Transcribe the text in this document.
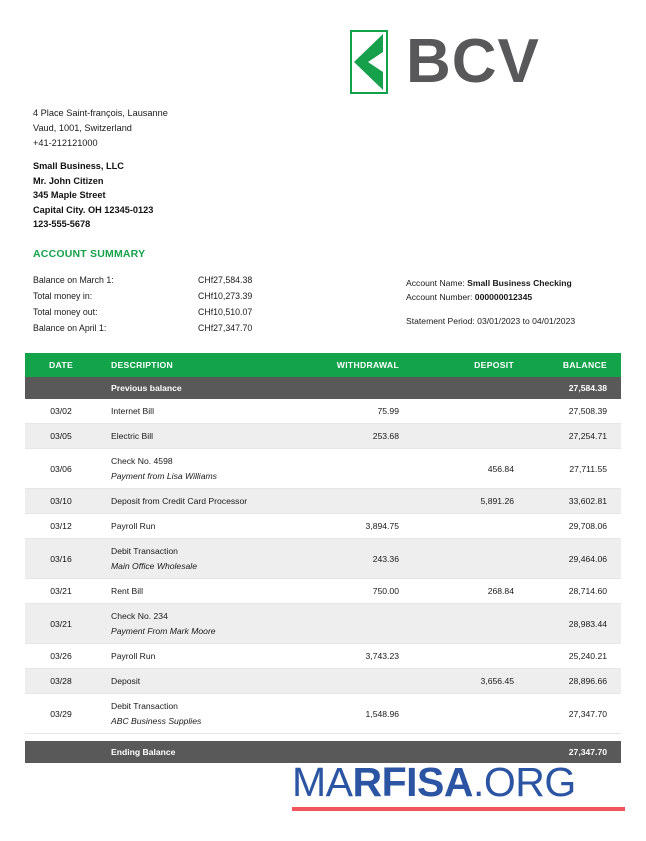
BCV
4 Place Saint-françois, Lausanne
Vaud, 1001, Switzerland
+41-212121000
Small Business, LLC
Mr. John Citizen
345 Maple Street
Capital City. OH 12345-0123
123-555-5678
ACCOUNT SUMMARY
Balance on March 1:	CHf27,584.38
Total money in:	CHf10,273.39
Total money out:	CHf10,510.07
Balance on April 1:	CHf27,347.70
Account Name: Small Business Checking
Account Number: 000000012345
Statement Period: 03/01/2023 to 04/01/2023
DATE	DESCRIPTION	WITHDRAWAL	DEPOSIT	BALANCE
	Previous balance			27,584.38
03/02	Internet Bill	75.99		27,508.39
03/05	Electric Bill	253.68		27,254.71
03/06	Check No. 4598
Payment from Lisa Williams		456.84	27,711.55
03/10	Deposit from Credit Card Processor		5,891.26	33,602.81
03/12	Payroll Run	3,894.75		29,708.06
03/16	Debit Transaction
Main Office Wholesale	243.36		29,464.06
03/21	Rent Bill	750.00	268.84	28,714.60
03/21	Check No. 234
Payment From Mark Moore			28,983.44
03/26	Payroll Run	3,743.23		25,240.21
03/28	Deposit		3,656.45	28,896.66
03/29	Debit Transaction
ABC Business Supplies	1,548.96		27,347.70

	Ending Balance			27,347.70
MARFISA.ORG
